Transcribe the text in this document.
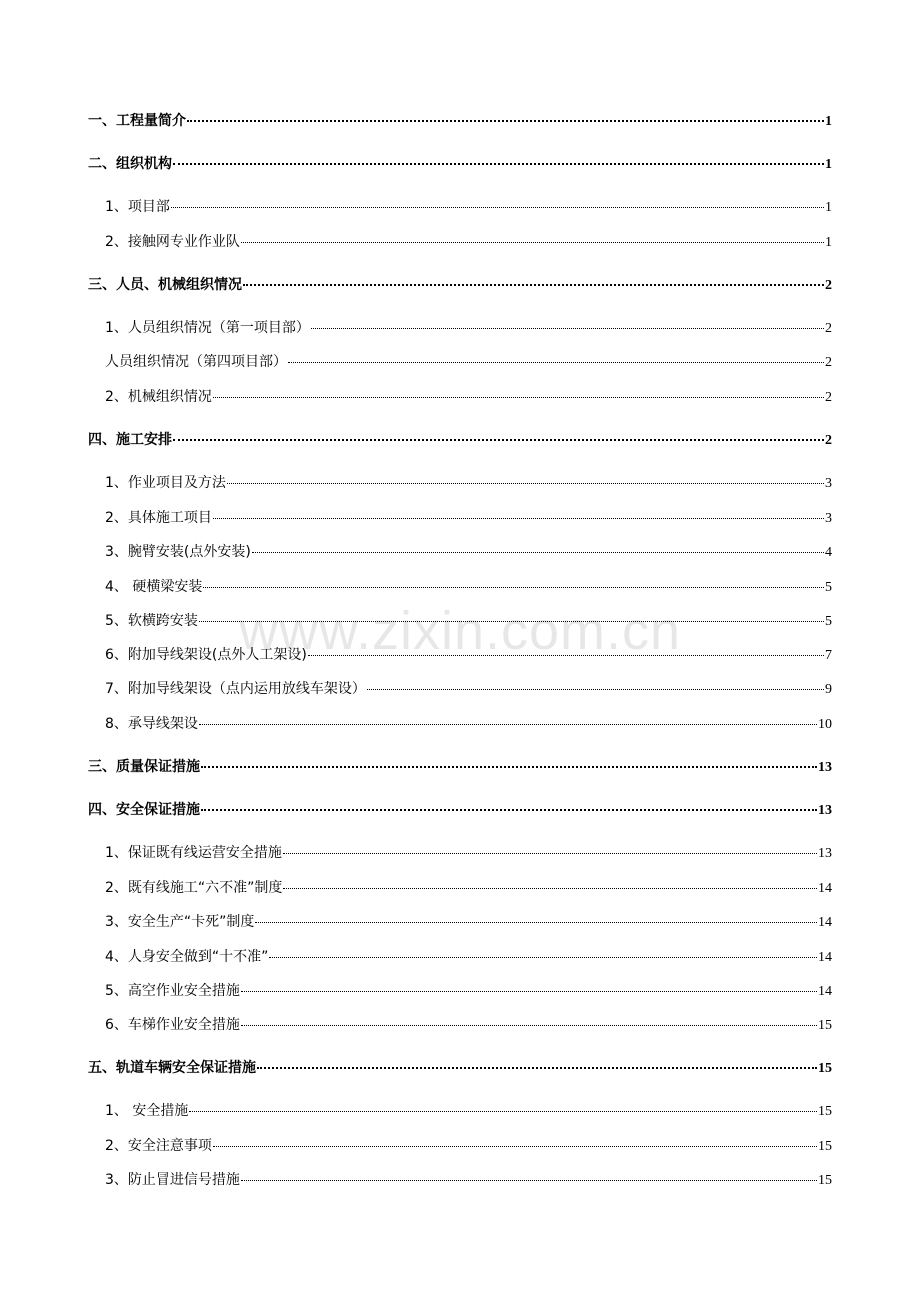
一、工程量简介	1
二、组织机构	1
1、项目部	1
2、接触网专业作业队	1
三、人员、机械组织情况	2
1、人员组织情况（第一项目部）	2
人员组织情况（第四项目部）	2
2、机械组织情况	2
四、施工安排	2
1、作业项目及方法	3
2、具体施工项目	3
3、腕臂安装(点外安装)	4
4、 硬横梁安装	5
5、软横跨安装	5
6、附加导线架设(点外人工架设)	7
7、附加导线架设（点内运用放线车架设）	9
8、承导线架设	10
三、质量保证措施	13
四、安全保证措施	13
1、保证既有线运营安全措施	13
2、既有线施工“六不准”制度	14
3、安全生产“卡死”制度	14
4、人身安全做到“十不准”	14
5、高空作业安全措施	14
6、车梯作业安全措施	15
五、轨道车辆安全保证措施	15
1、 安全措施	15
2、安全注意事项	15
3、防止冒进信号措施	15
www.zixin.com.cn
